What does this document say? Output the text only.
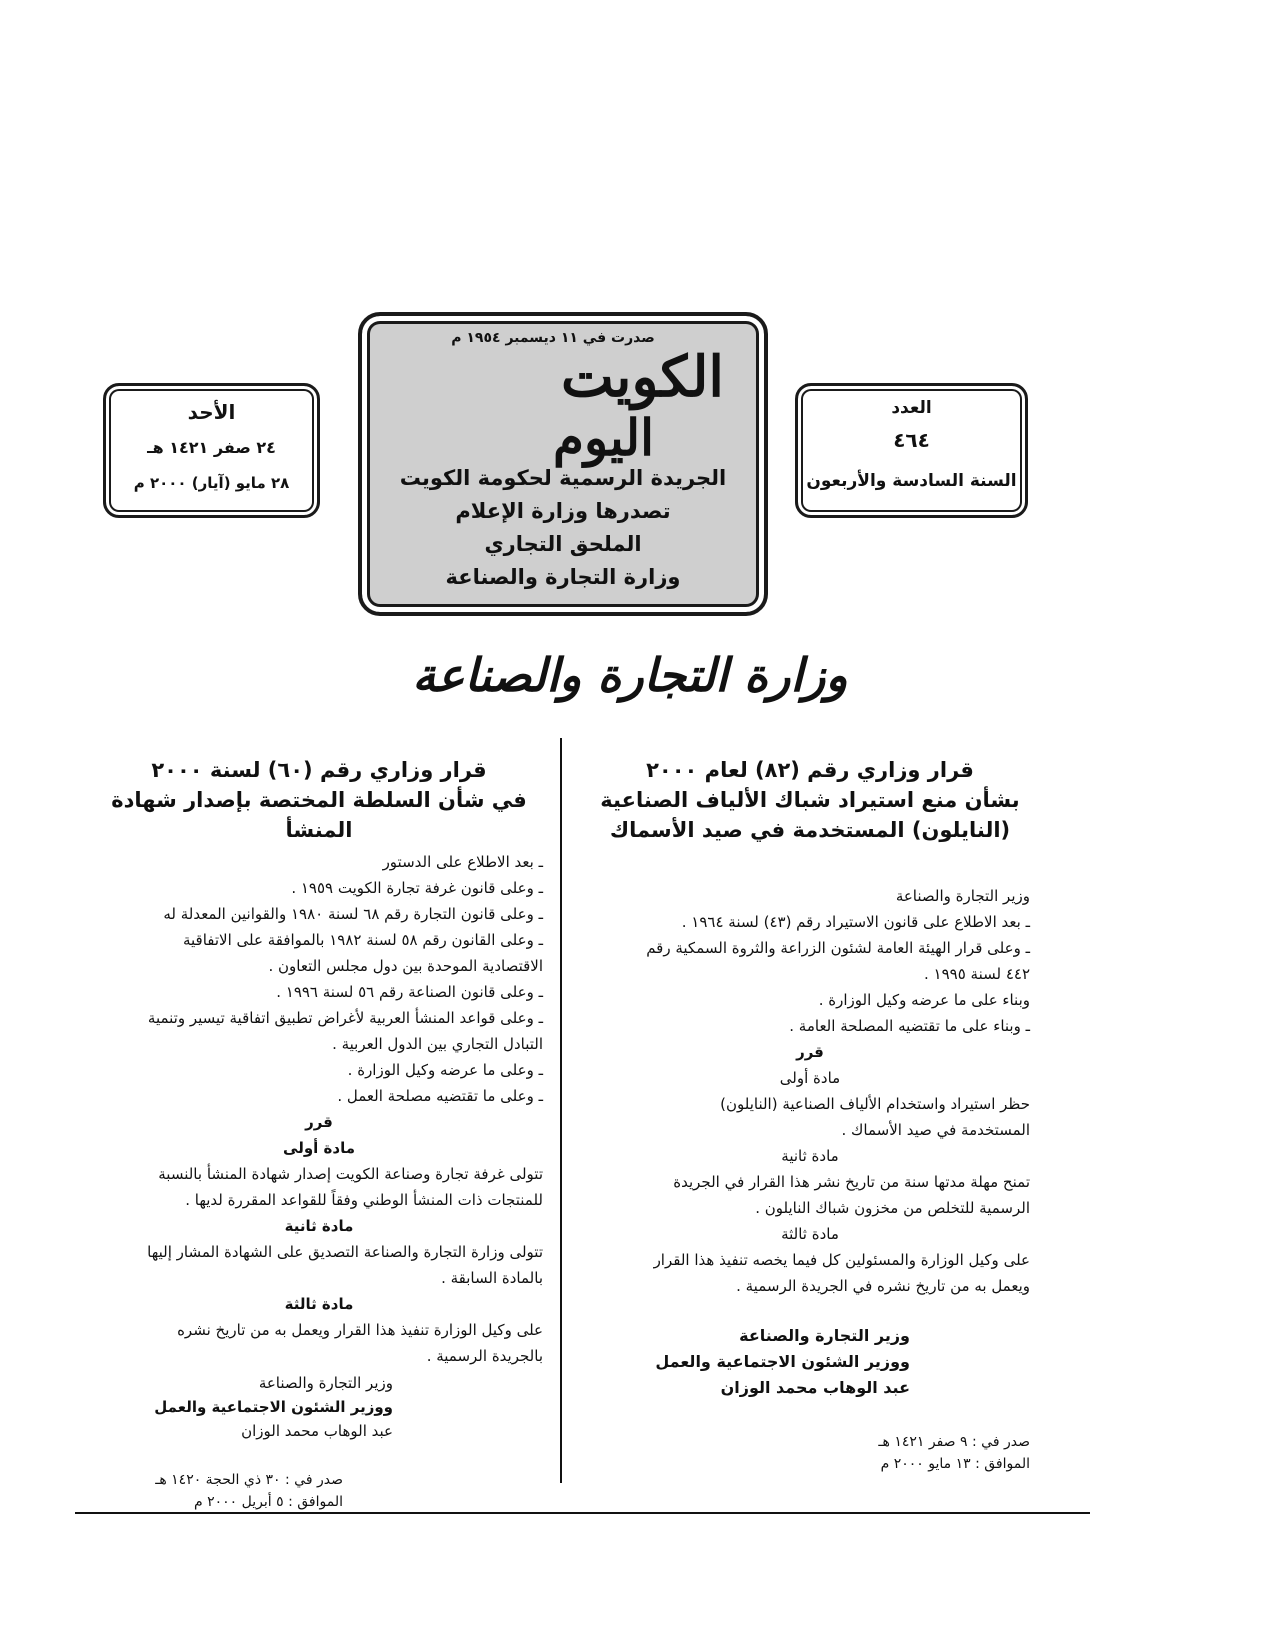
صدرت في ١١ ديسمبر ١٩٥٤ م
الكويت
اليوم
الجريدة الرسمية لحكومة الكويت
تصدرها وزارة الإعلام
الملحق التجاري
وزارة التجارة والصناعة
الأحد
٢٤ صفر ١٤٢١ هـ
٢٨ مايو (آيار) ٢٠٠٠ م
العدد
٤٦٤
السنة السادسة والأربعون
وزارة التجارة والصناعة
قرار وزاري رقم (٨٢) لعام ٢٠٠٠
بشأن منع استيراد شباك الألياف الصناعية
(النايلون) المستخدمة في صيد الأسماك
وزير التجارة والصناعة
ـ بعد الاطلاع على قانون الاستيراد رقم (٤٣) لسنة ١٩٦٤ .
ـ وعلى قرار الهيئة العامة لشئون الزراعة والثروة السمكية رقم
٤٤٢ لسنة ١٩٩٥ .
وبناء على ما عرضه وكيل الوزارة .
ـ وبناء على ما تقتضيه المصلحة العامة .
قرر
مادة أولى
حظر استيراد واستخدام الألياف الصناعية (النايلون)
المستخدمة في صيد الأسماك .
مادة ثانية
تمنح مهلة مدتها سنة من تاريخ نشر هذا القرار في الجريدة
الرسمية للتخلص من مخزون شباك النايلون .
مادة ثالثة
على وكيل الوزارة والمسئولين كل فيما يخصه تنفيذ هذا القرار
ويعمل به من تاريخ نشره في الجريدة الرسمية .
وزير التجارة والصناعة
ووزير الشئون الاجتماعية والعمل
عبد الوهاب محمد الوزان
صدر في : ٩ صفر ١٤٢١ هـ
الموافق : ١٣ مايو ٢٠٠٠ م
قرار وزاري رقم (٦٠) لسنة ٢٠٠٠
في شأن السلطة المختصة بإصدار شهادة المنشأ
ـ بعد الاطلاع على الدستور
ـ وعلى قانون غرفة تجارة الكويت ١٩٥٩ .
ـ وعلى قانون التجارة رقم ٦٨ لسنة ١٩٨٠ والقوانين المعدلة له
ـ وعلى القانون رقم ٥٨ لسنة ١٩٨٢ بالموافقة على الاتفاقية
الاقتصادية الموحدة بين دول مجلس التعاون .
ـ وعلى قانون الصناعة رقم ٥٦ لسنة ١٩٩٦ .
ـ وعلى قواعد المنشأ العربية لأغراض تطبيق اتفاقية تيسير وتنمية
التبادل التجاري بين الدول العربية .
ـ وعلى ما عرضه وكيل الوزارة .
ـ وعلى ما تقتضيه مصلحة العمل .
قرر
مادة أولى
تتولى غرفة تجارة وصناعة الكويت إصدار شهادة المنشأ بالنسبة
للمنتجات ذات المنشأ الوطني وفقاً للقواعد المقررة لديها .
مادة ثانية
تتولى وزارة التجارة والصناعة التصديق على الشهادة المشار إليها
بالمادة السابقة .
مادة ثالثة
على وكيل الوزارة تنفيذ هذا القرار ويعمل به من تاريخ نشره
بالجريدة الرسمية .
وزير التجارة والصناعة
ووزير الشئون الاجتماعية والعمل
عبد الوهاب محمد الوزان
صدر في : ٣٠ ذي الحجة ١٤٢٠ هـ
الموافق : ٥ أبريل ٢٠٠٠ م
